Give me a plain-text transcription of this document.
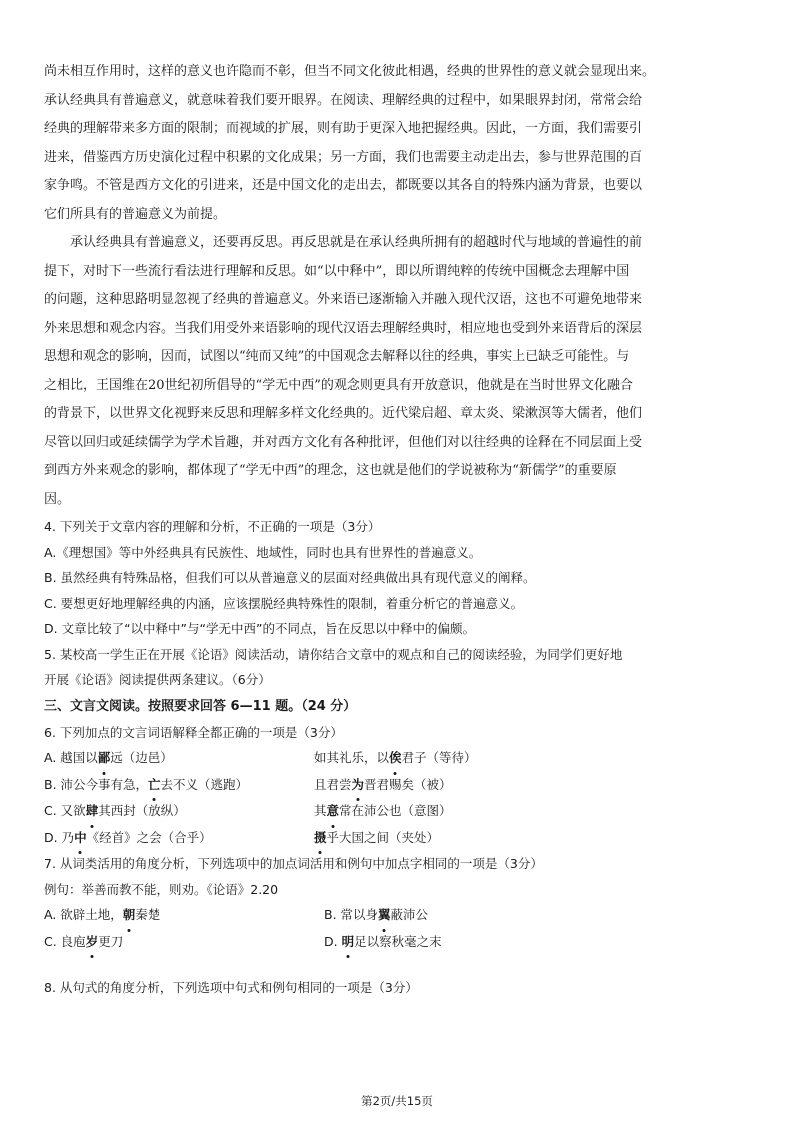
尚未相互作用时，这样的意义也许隐而不彰，但当不同文化彼此相遇，经典的世界性的意义就会显现出来。

承认经典具有普遍意义，就意味着我们要开眼界。在阅读、理解经典的过程中，如果眼界封闭，常常会给

经典的理解带来多方面的限制；而视域的扩展，则有助于更深入地把握经典。因此，一方面，我们需要引

进来，借鉴西方历史演化过程中积累的文化成果；另一方面，我们也需要主动走出去，参与世界范围的百

家争鸣。不管是西方文化的引进来，还是中国文化的走出去，都既要以其各自的特殊内涵为背景，也要以

它们所具有的普遍意义为前提。

承认经典具有普遍意义，还要再反思。再反思就是在承认经典所拥有的超越时代与地域的普遍性的前

提下，对时下一些流行看法进行理解和反思。如“以中释中”，即以所谓纯粹的传统中国概念去理解中国

的问题，这种思路明显忽视了经典的普遍意义。外来语已逐渐输入并融入现代汉语，这也不可避免地带来

外来思想和观念内容。当我们用受外来语影响的现代汉语去理解经典时，相应地也受到外来语背后的深层

思想和观念的影响，因而，试图以“纯而又纯”的中国观念去解释以往的经典，事实上已缺乏可能性。与

之相比，王国维在20世纪初所倡导的“学无中西”的观念则更具有开放意识，他就是在当时世界文化融合

的背景下，以世界文化视野来反思和理解多样文化经典的。近代梁启超、章太炎、梁漱溟等大儒者，他们

尽管以回归或延续儒学为学术旨趣，并对西方文化有各种批评，但他们对以往经典的诠释在不同层面上受

到西方外来观念的影响，都体现了“学无中西”的理念，这也就是他们的学说被称为“新儒学”的重要原

因。

4. 下列关于文章内容的理解和分析，不正确的一项是（3分）

A.《理想国》等中外经典具有民族性、地域性，同时也具有世界性的普遍意义。

B. 虽然经典有特殊品格，但我们可以从普遍意义的层面对经典做出具有现代意义的阐释。

C. 要想更好地理解经典的内涵，应该摆脱经典特殊性的限制，着重分析它的普遍意义。

D. 文章比较了“以中释中”与“学无中西”的不同点，旨在反思以中释中的偏颇。

5. 某校高一学生正在开展《论语》阅读活动，请你结合文章中的观点和自己的阅读经验，为同学们更好地

开展《论语》阅读提供两条建议。（6分）

三、文言文阅读。按照要求回答 6—11 题。（24 分）

6. 下列加点的文言词语解释全都正确的一项是（3分）

A. 越国以鄙远（边邑）	如其礼乐，以俟君子（等待）
B. 沛公今事有急，亡去不义（逃跑）	且君尝为晋君赐矣（被）
C. 又欲肆其西封（放纵）	其意常在沛公也（意图）
D. 乃中《经首》之会（合乎）	摄乎大国之间（夹处）

7. 从词类活用的角度分析，下列选项中的加点词活用和例句中加点字相同的一项是（3分）

例句：举善而教不能，则劝。《论语》2.20

A. 欲辟土地，朝秦楚	B. 常以身翼蔽沛公
C. 良庖岁更刀	D. 明足以察秋毫之末

8. 从句式的角度分析，下列选项中句式和例句相同的一项是（3分）

第2页/共15页
